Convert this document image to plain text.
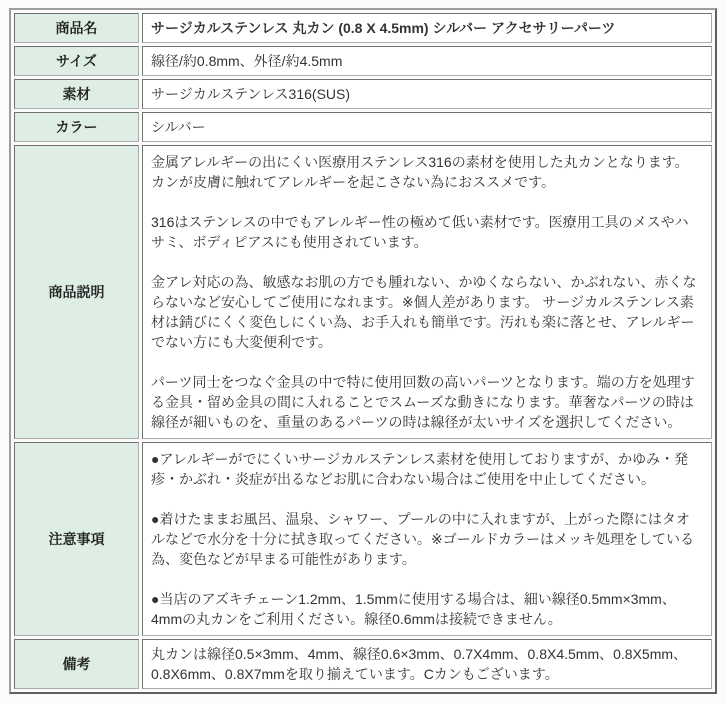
商品名	サージカルステンレス 丸カン (0.8 X 4.5mm) シルバー アクセサリーパーツ
サイズ	線径/約0.8mm、外径/約4.5mm
素材	サージカルステンレス316(SUS)
カラー	シルバー
商品説明	金属アレルギーの出にくい医療用ステンレス316の素材を使用した丸カンとなります。カンが皮膚に触れてアレルギーを起こさない為におススメです。

316はステンレスの中でもアレルギー性の極めて低い素材です。医療用工具のメスやハサミ、ボディピアスにも使用されています。

金アレ対応の為、敏感なお肌の方でも腫れない、かゆくならない、かぶれない、赤くならないなど安心してご使用になれます。※個人差があります。 サージカルステンレス素材は錆びにくく変色しにくい為、お手入れも簡単です。汚れも楽に落とせ、アレルギーでない方にも大変便利です。

パーツ同士をつなぐ金具の中で特に使用回数の高いパーツとなります。端の方を処理する金具・留め金具の間に入れることでスムーズな動きになります。華奢なパーツの時は線径が細いものを、重量のあるパーツの時は線径が太いサイズを選択してください。

注意事項	●アレルギーがでにくいサージカルステンレス素材を使用しておりますが、かゆみ・発疹・かぶれ・炎症が出るなどお肌に合わない場合はご使用を中止してください。

●着けたままお風呂、温泉、シャワー、プールの中に入れますが、上がった際にはタオルなどで水分を十分に拭き取ってください。※ゴールドカラーはメッキ処理をしている為、変色などが早まる可能性があります。

●当店のアズキチェーン1.2mm、1.5mmに使用する場合は、細い線径0.5mm×3mm、4mmの丸カンをご利用ください。線径0.6mmは接続できません。

備考	丸カンは線径0.5×3mm、4mm、線径0.6×3mm、0.7X4mm、0.8X4.5mm、0.8X5mm、0.8X6mm、0.8X7mmを取り揃えています。Cカンもございます。
